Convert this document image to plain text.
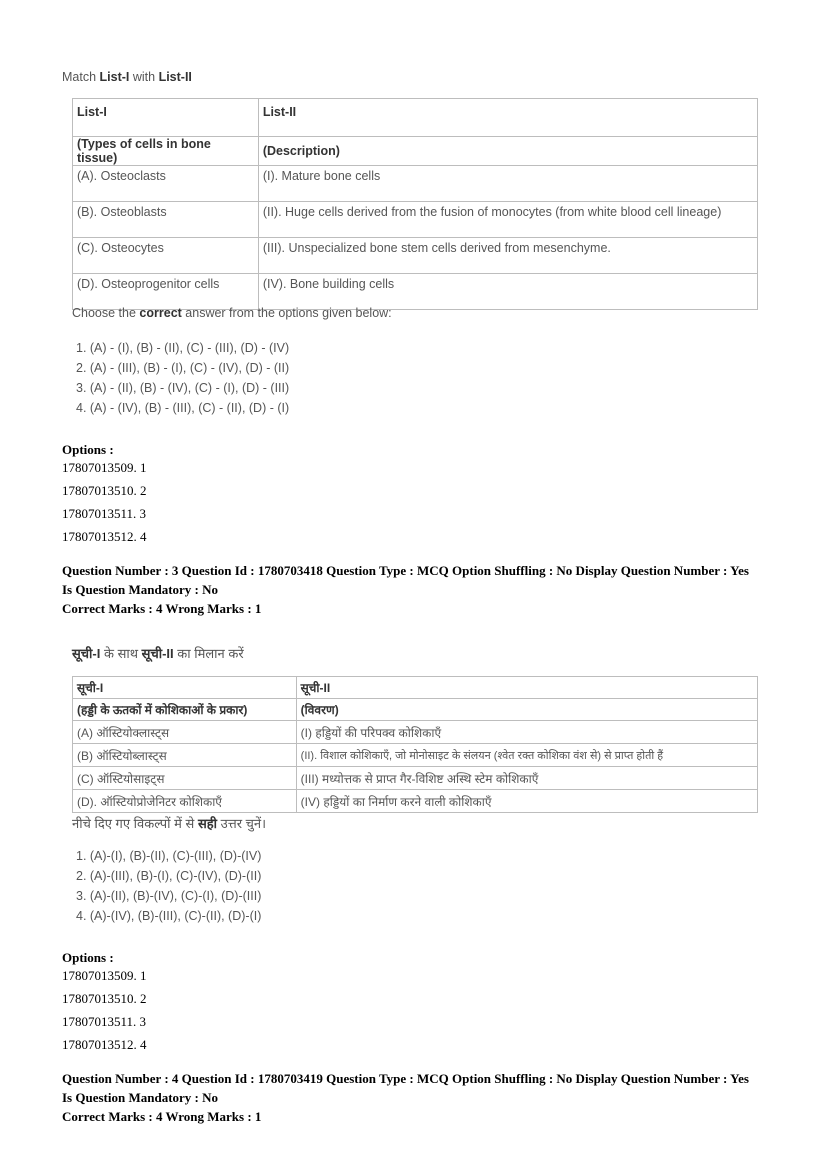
Match List-I with List-II

List-I	List-II
(Types of cells in bone tissue)	(Description)
(A). Osteoclasts	(I). Mature bone cells
(B). Osteoblasts	(II). Huge cells derived from the fusion of monocytes (from white blood cell lineage)
(C). Osteocytes	(III). Unspecialized bone stem cells derived from mesenchyme.
(D). Osteoprogenitor cells	(IV). Bone building cells

Choose the correct answer from the options given below:

1. (A) - (I), (B) - (II), (C) - (III), (D) - (IV)
2. (A) - (III), (B) - (I), (C) - (IV), (D) - (II)
3. (A) - (II), (B) - (IV), (C) - (I), (D) - (III)
4. (A) - (IV), (B) - (III), (C) - (II), (D) - (I)
Options :
17807013509. 1
17807013510. 2
17807013511. 3
17807013512. 4
Question Number : 3 Question Id : 1780703418 Question Type : MCQ Option Shuffling : No Display Question Number : Yes
Is Question Mandatory : No
Correct Marks : 4 Wrong Marks : 1

सूची-I के साथ सूची-II का मिलान करें

सूची-I	सूची-II
(हड्डी के ऊतकों में कोशिकाओं के प्रकार)	(विवरण)
(A) ऑस्टियोक्लास्ट्स	(I) हड्डियों की परिपक्व कोशिकाएँ
(B) ऑस्टियोब्लास्ट्स	(II). विशाल कोशिकाएँ, जो मोनोसाइट के संलयन (श्वेत रक्त कोशिका वंश से) से प्राप्त होती हैं
(C) ऑस्टियोसाइट्स	(III) मध्योत्तक से प्राप्त गैर-विशिष्ट अस्थि स्टेम कोशिकाएँ
(D). ऑस्टियोप्रोजेनिटर कोशिकाएँ	(IV) हड्डियों का निर्माण करने वाली कोशिकाएँ

नीचे दिए गए विकल्पों में से सही उत्तर चुनें।

1. (A)-(I), (B)-(II), (C)-(III), (D)-(IV)
2. (A)-(III), (B)-(I), (C)-(IV), (D)-(II)
3. (A)-(II), (B)-(IV), (C)-(I), (D)-(III)
4. (A)-(IV), (B)-(III), (C)-(II), (D)-(I)
Options :
17807013509. 1
17807013510. 2
17807013511. 3
17807013512. 4
Question Number : 4 Question Id : 1780703419 Question Type : MCQ Option Shuffling : No Display Question Number : Yes
Is Question Mandatory : No
Correct Marks : 4 Wrong Marks : 1
